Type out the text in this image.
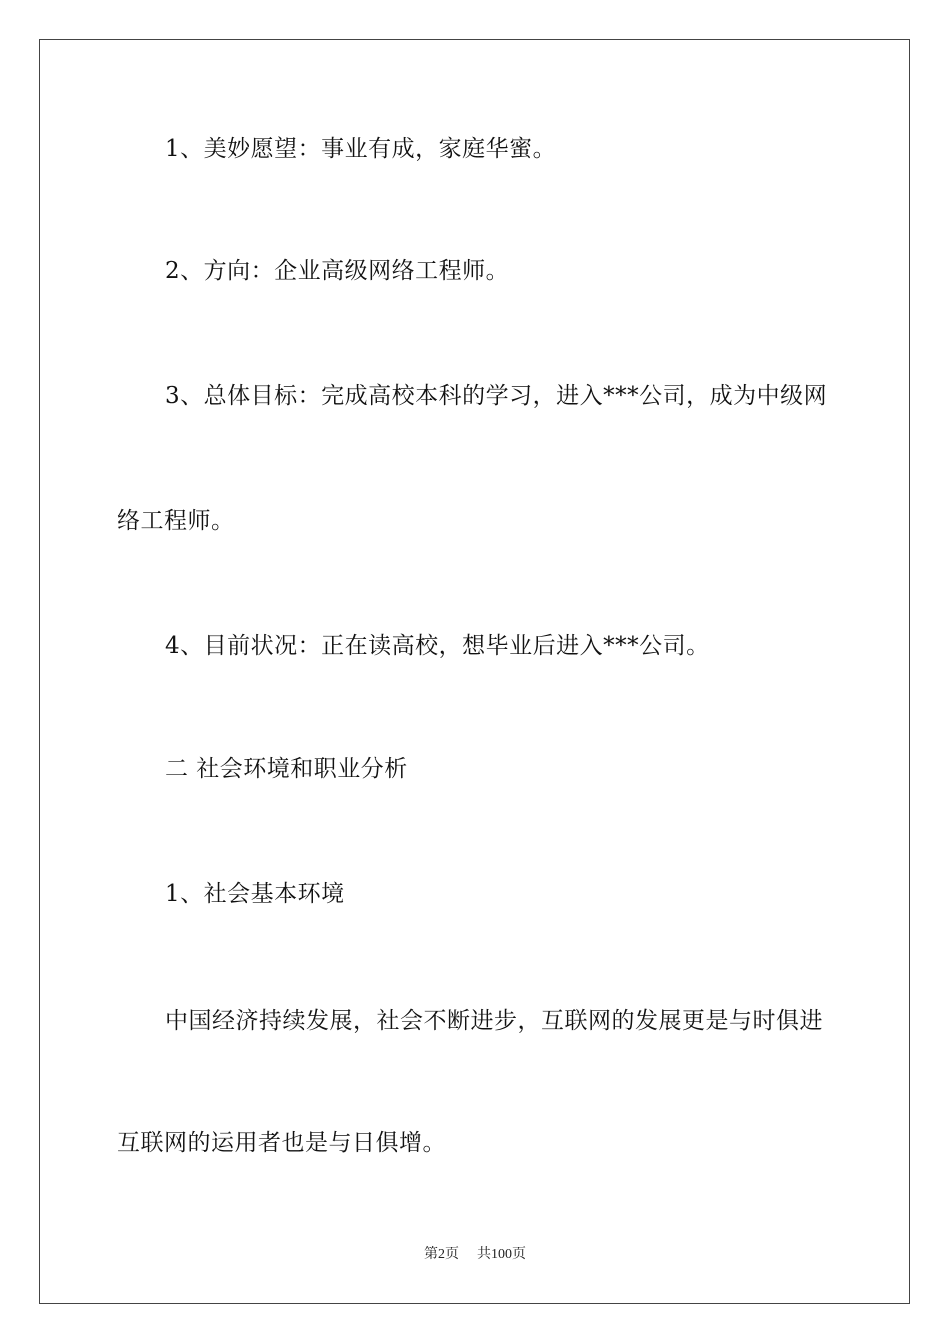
1、美妙愿望：事业有成，家庭华蜜。
2、方向：企业高级网络工程师。
3、总体目标：完成高校本科的学习，进入***公司，成为中级网
络工程师。
4、目前状况：正在读高校，想毕业后进入***公司。
二 社会环境和职业分析
1、社会基本环境
中国经济持续发展，社会不断进步，互联网的发展更是与时俱进
互联网的运用者也是与日俱增。
第2页 共100页
